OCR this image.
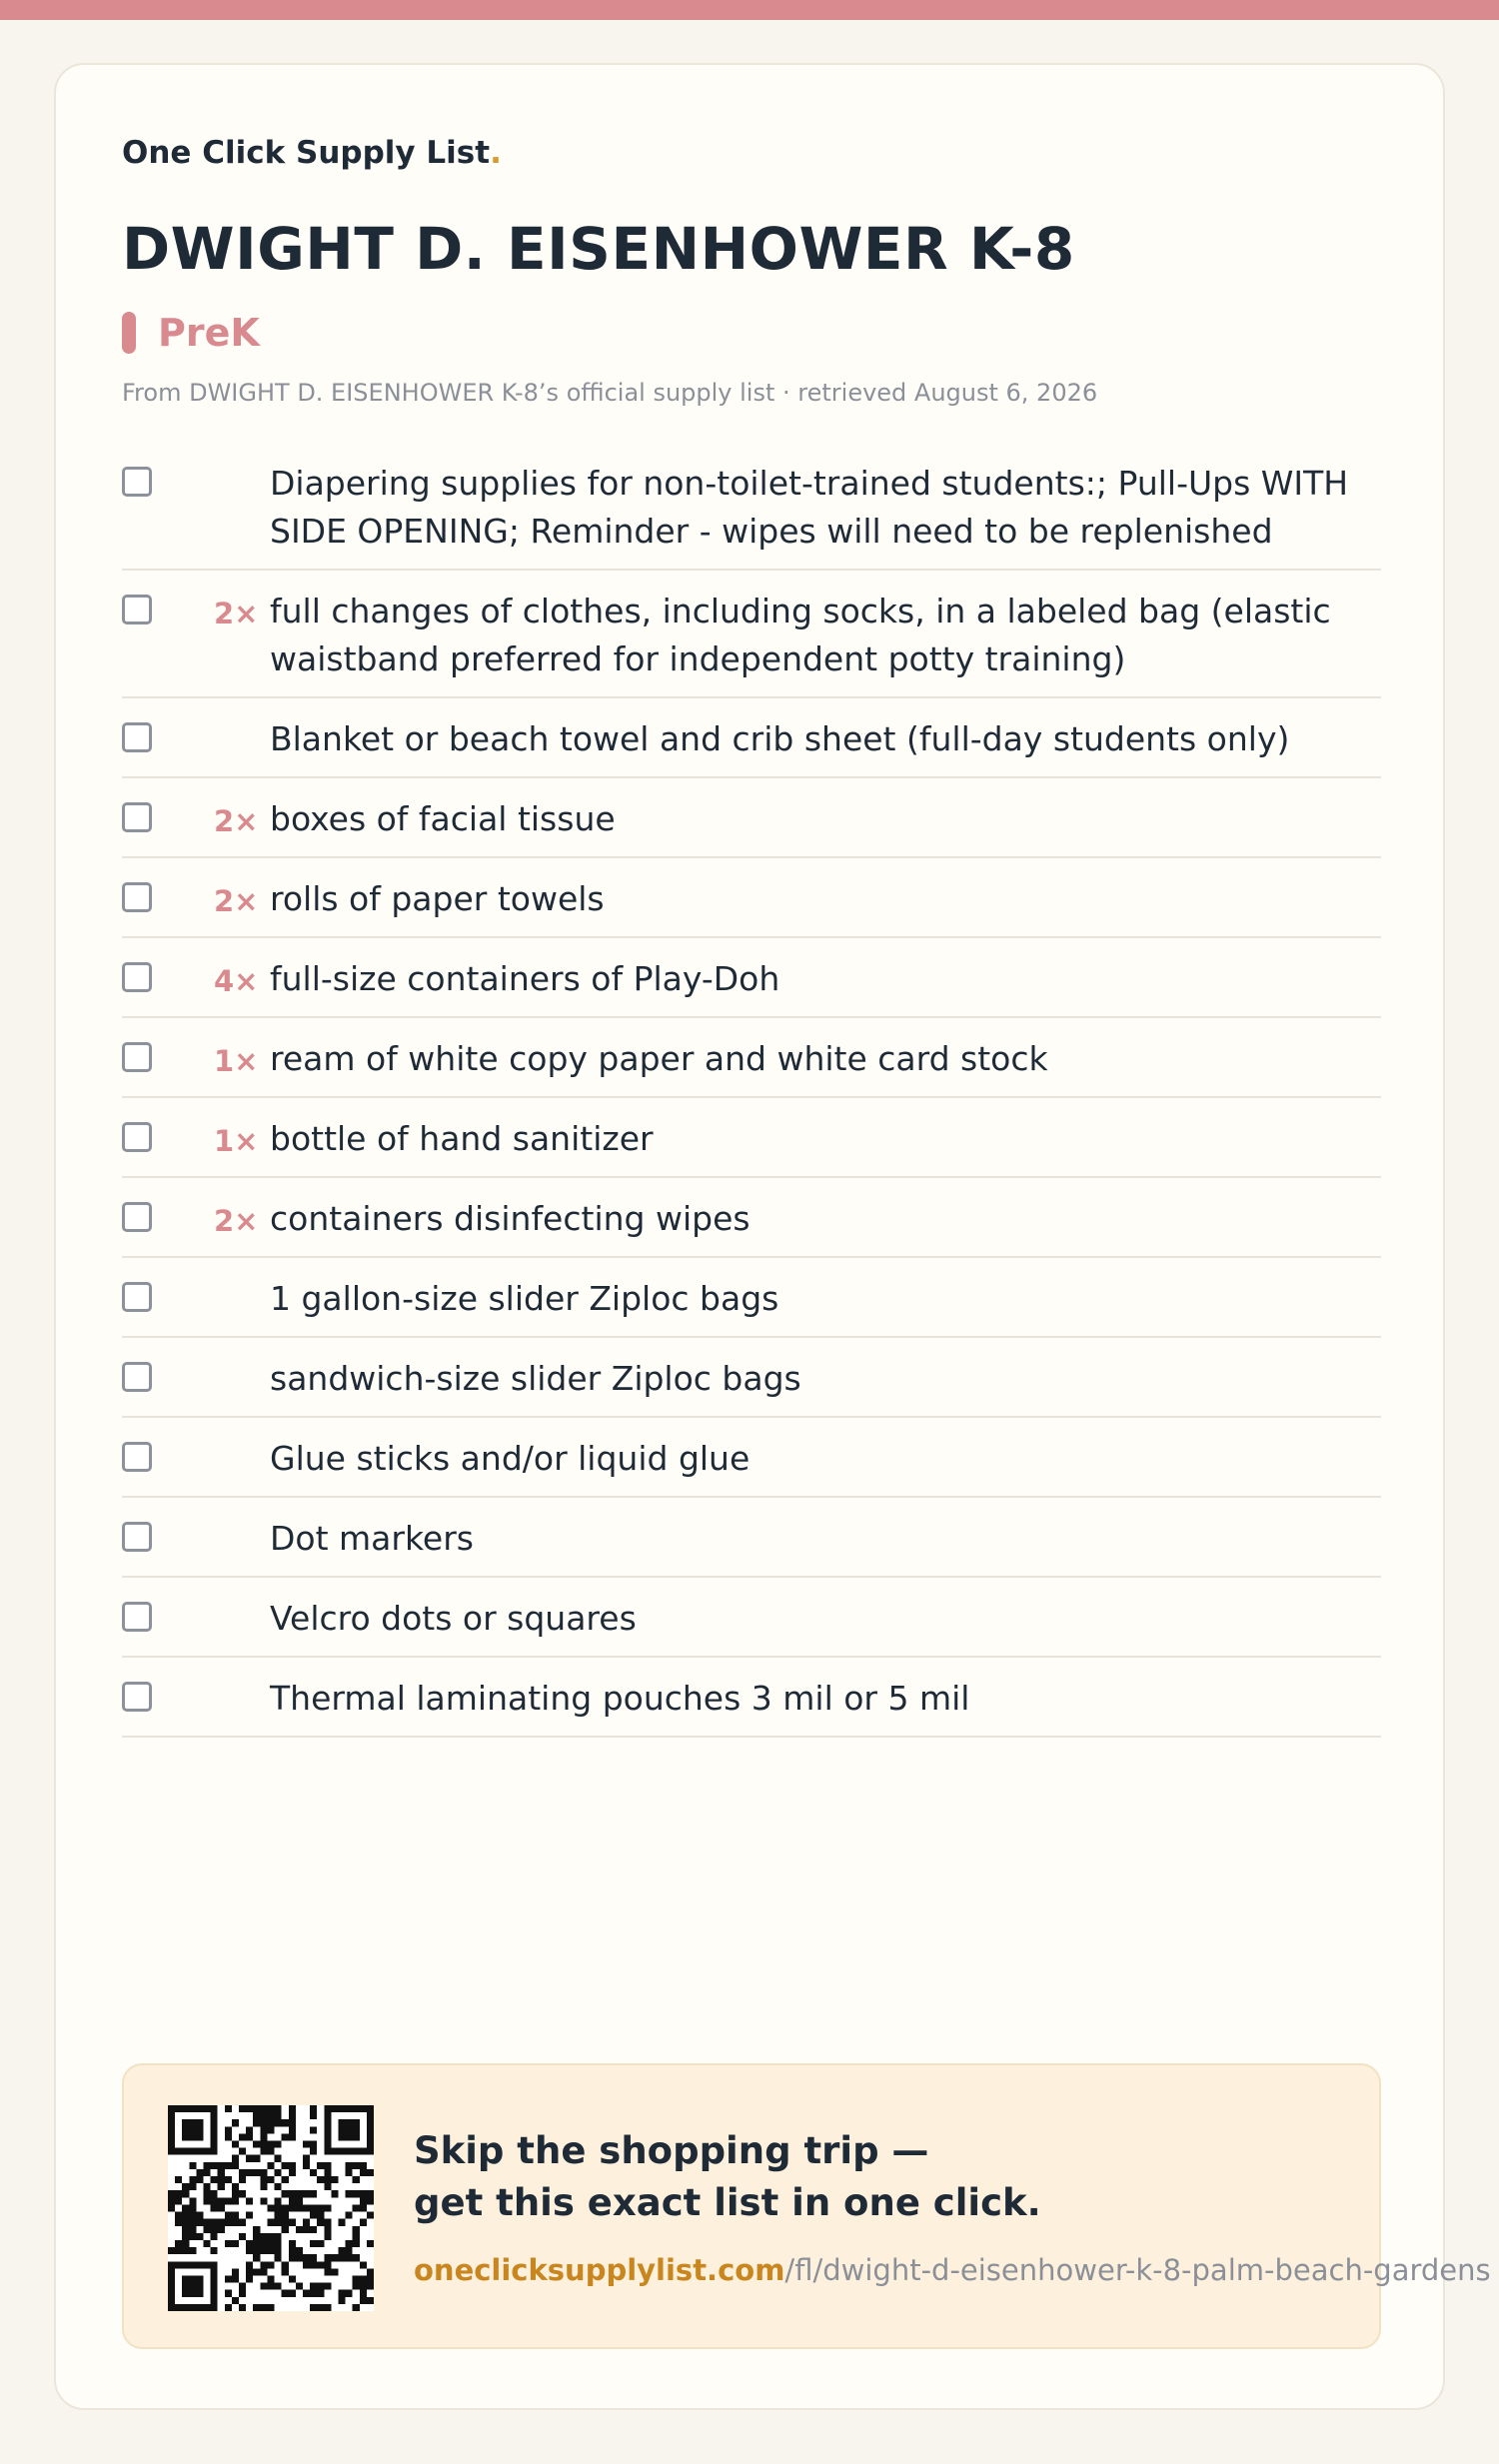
One Click Supply List.
DWIGHT D. EISENHOWER K-8
PreK
From DWIGHT D. EISENHOWER K-8’s official supply list · retrieved August 6, 2026
Diapering supplies for non-toilet-trained students:; Pull-Ups WITH SIDE OPENING; Reminder - wipes will need to be replenished
2× full changes of clothes, including socks, in a labeled bag (elastic waistband preferred for independent potty training)
Blanket or beach towel and crib sheet (full-day students only)
2× boxes of facial tissue
2× rolls of paper towels
4× full-size containers of Play-Doh
1× ream of white copy paper and white card stock
1× bottle of hand sanitizer
2× containers disinfecting wipes
1 gallon-size slider Ziploc bags
sandwich-size slider Ziploc bags
Glue sticks and/or liquid glue
Dot markers
Velcro dots or squares
Thermal laminating pouches 3 mil or 5 mil
Skip the shopping trip —
get this exact list in one click.
oneclicksupplylist.com/fl/dwight-d-eisenhower-k-8-palm-beach-gardens
